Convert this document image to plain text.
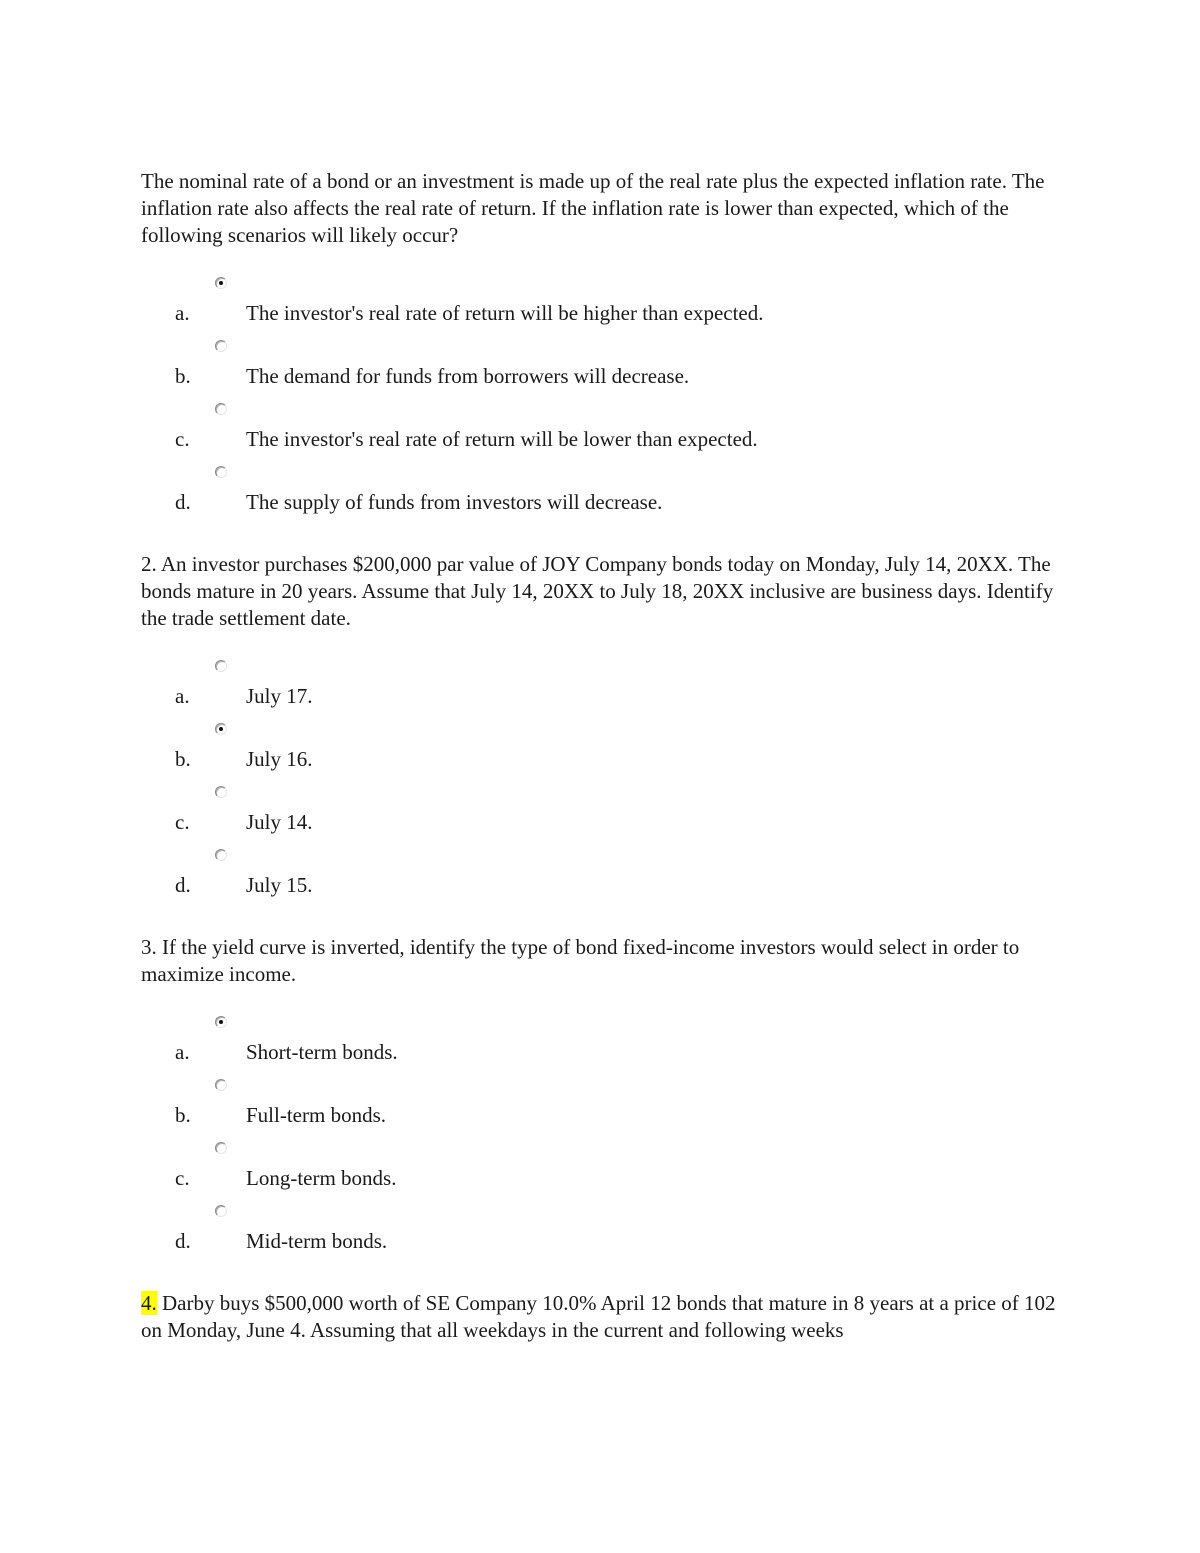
The nominal rate of a bond or an investment is made up of the real rate plus the expected inflation rate. The inflation rate also affects the real rate of return. If the inflation rate is lower than expected, which of the following scenarios will likely occur?

a.	The investor's real rate of return will be higher than expected.
b.	The demand for funds from borrowers will decrease.
c.	The investor's real rate of return will be lower than expected.
d.	The supply of funds from investors will decrease.

2. An investor purchases $200,000 par value of JOY Company bonds today on Monday, July 14, 20XX. The bonds mature in 20 years. Assume that July 14, 20XX to July 18, 20XX inclusive are business days. Identify the trade settlement date.

a.	July 17.
b.	July 16.
c.	July 14.
d.	July 15.

3. If the yield curve is inverted, identify the type of bond fixed-income investors would select in order to maximize income.

a.	Short-term bonds.
b.	Full-term bonds.
c.	Long-term bonds.
d.	Mid-term bonds.

4. Darby buys $500,000 worth of SE Company 10.0% April 12 bonds that mature in 8 years at a price of 102 on Monday, June 4. Assuming that all weekdays in the current and following weeks
